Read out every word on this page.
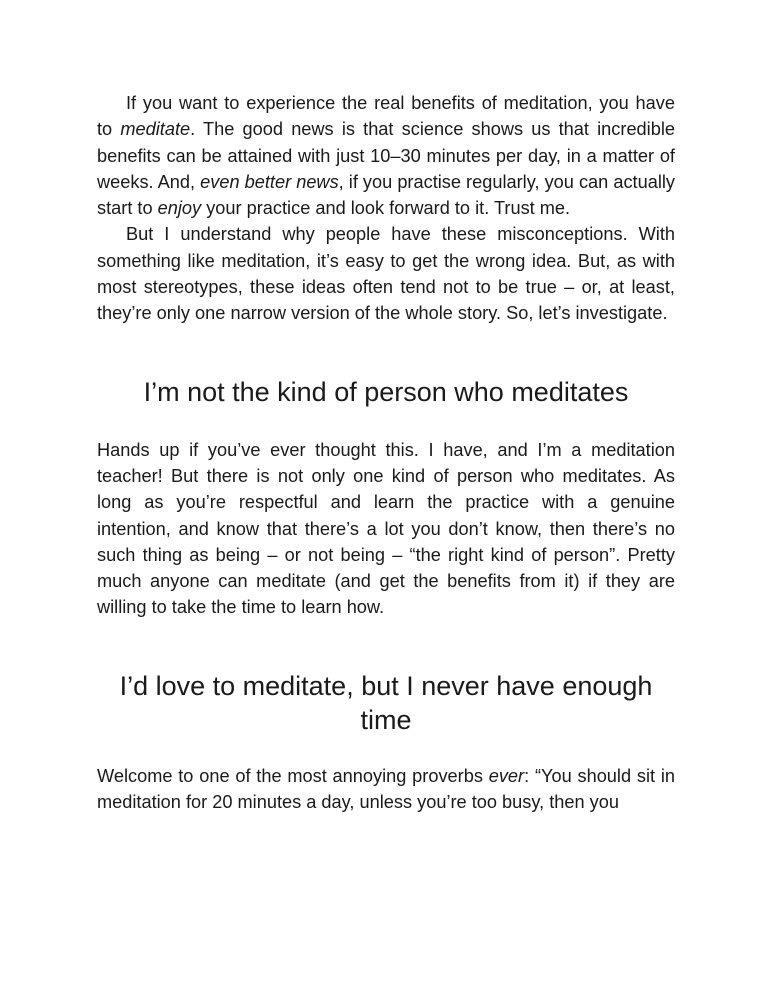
If you want to experience the real benefits of meditation, you have to meditate. The good news is that science shows us that incredible benefits can be attained with just 10–30 minutes per day, in a matter of weeks. And, even better news, if you practise regularly, you can actually start to enjoy your practice and look forward to it. Trust me.

But I understand why people have these misconceptions. With something like meditation, it’s easy to get the wrong idea. But, as with most stereotypes, these ideas often tend not to be true – or, at least, they’re only one narrow version of the whole story. So, let’s investigate.

I’m not the kind of person who meditates

Hands up if you’ve ever thought this. I have, and I’m a meditation teacher! But there is not only one kind of person who meditates. As long as you’re respectful and learn the practice with a genuine intention, and know that there’s a lot you don’t know, then there’s no such thing as being – or not being – “the right kind of person”. Pretty much anyone can meditate (and get the benefits from it) if they are willing to take the time to learn how.

I’d love to meditate, but I never have enough time

Welcome to one of the most annoying proverbs ever: “You should sit in meditation for 20 minutes a day, unless you’re too busy, then you
